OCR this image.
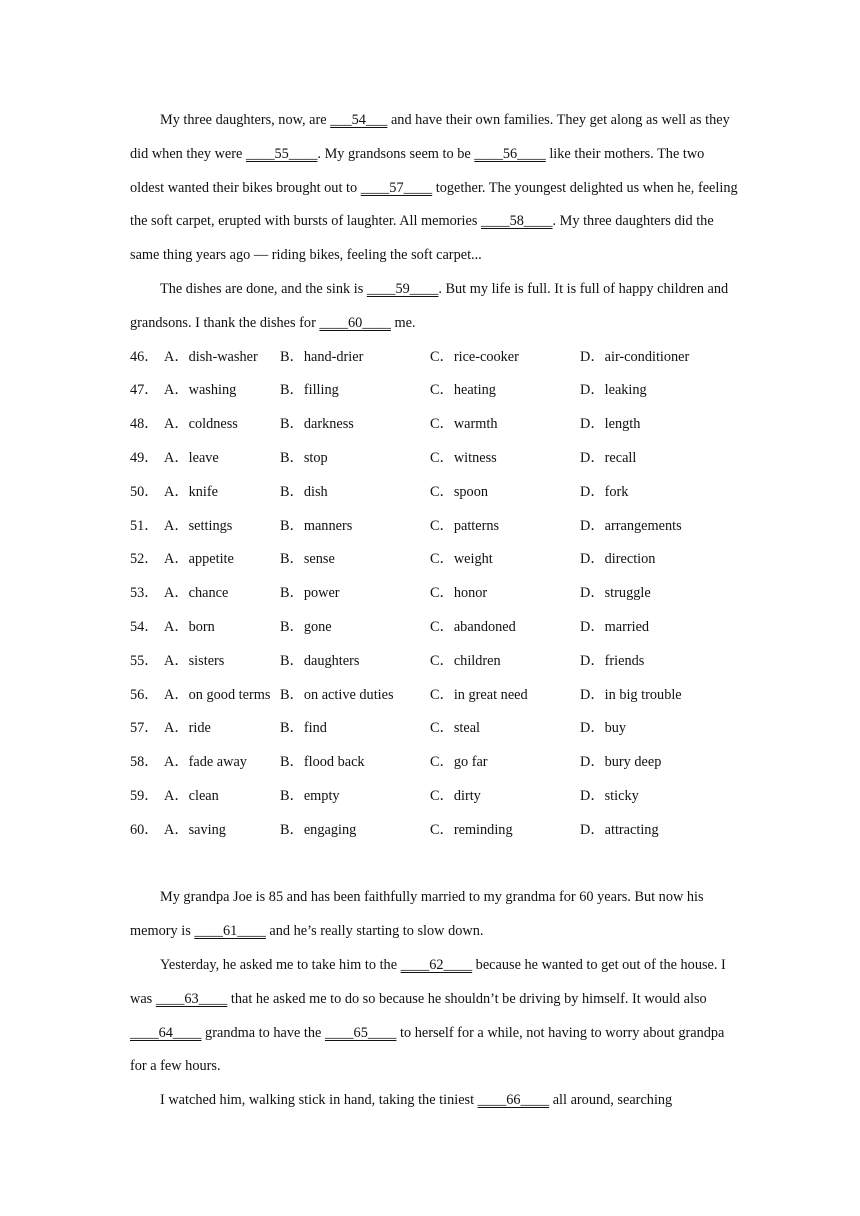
My three daughters, now, are ___54___ and have their own families. They get along as well as they did when they were ____55____. My grandsons seem to be ____56____ like their mothers. The two oldest wanted their bikes brought out to ____57____ together. The youngest delighted us when he, feeling the soft carpet, erupted with bursts of laughter. All memories ____58____. My three daughters did the same thing years ago — riding bikes, feeling the soft carpet...

The dishes are done, and the sink is ____59____. But my life is full. It is full of happy children and grandsons. I thank the dishes for ____60____ me.

46． A．dish-washer	B．hand-drier	C．rice-cooker	D．air-conditioner
47． A．washing	B．filling	C．heating	D．leaking
48． A．coldness	B．darkness	C．warmth	D．length
49． A．leave	B．stop	C．witness	D．recall
50． A．knife	B．dish	C．spoon	D．fork
51． A．settings	B．manners	C．patterns	D．arrangements
52． A．appetite	B．sense	C．weight	D．direction
53． A．chance	B．power	C．honor	D．struggle
54． A．born	B．gone	C．abandoned	D．married
55． A．sisters	B．daughters	C．children	D．friends
56． A．on good terms B．on active duties	C．in great need	D．in big trouble
57． A．ride	B．find	C．steal	D．buy
58． A．fade away	B．flood back	C．go far	D．bury deep
59． A．clean	B．empty	C．dirty	D．sticky
60． A．saving	B．engaging	C．reminding	D．attracting

My grandpa Joe is 85 and has been faithfully married to my grandma for 60 years. But now his memory is ____61____ and he’s really starting to slow down.

Yesterday, he asked me to take him to the ____62____ because he wanted to get out of the house. I was ____63____ that he asked me to do so because he shouldn’t be driving by himself. It would also ____64____ grandma to have the ____65____ to herself for a while, not having to worry about grandpa for a few hours.

I watched him, walking stick in hand, taking the tiniest ____66____ all around, searching
